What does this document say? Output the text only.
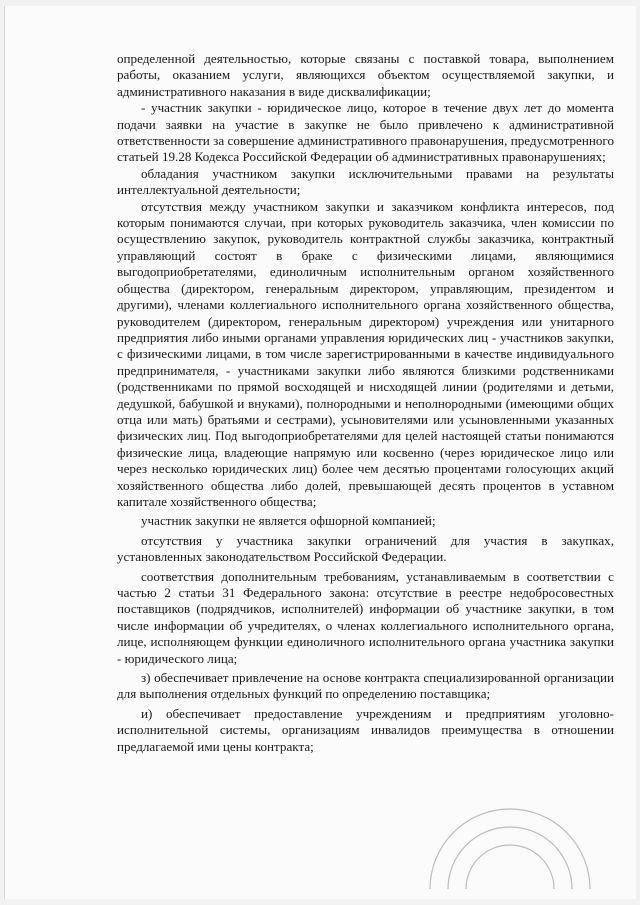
определенной деятельностью, которые связаны с поставкой товара, выполнением работы, оказанием услуги, являющихся объектом осуществляемой закупки, и административного наказания в виде дисквалификации;

- участник закупки - юридическое лицо, которое в течение двух лет до момента подачи заявки на участие в закупке не было привлечено к административной ответственности за совершение административного правонарушения, предусмотренного статьей 19.28 Кодекса Российской Федерации об административных правонарушениях;

обладания участником закупки исключительными правами на результаты интеллектуальной деятельности;

отсутствия между участником закупки и заказчиком конфликта интересов, под которым понимаются случаи, при которых руководитель заказчика, член комиссии по осуществлению закупок, руководитель контрактной службы заказчика, контрактный управляющий состоят в браке с физическими лицами, являющимися выгодоприобретателями, единоличным исполнительным органом хозяйственного общества (директором, генеральным директором, управляющим, президентом и другими), членами коллегиального исполнительного органа хозяйственного общества, руководителем (директором, генеральным директором) учреждения или унитарного предприятия либо иными органами управления юридических лиц - участников закупки, с физическими лицами, в том числе зарегистрированными в качестве индивидуального предпринимателя, - участниками закупки либо являются близкими родственниками (родственниками по прямой восходящей и нисходящей линии (родителями и детьми, дедушкой, бабушкой и внуками), полнородными и неполнородными (имеющими общих отца или мать) братьями и сестрами), усыновителями или усыновленными указанных физических лиц. Под выгодоприобретателями для целей настоящей статьи понимаются физические лица, владеющие напрямую или косвенно (через юридическое лицо или через несколько юридических лиц) более чем десятью процентами голосующих акций хозяйственного общества либо долей, превышающей десять процентов в уставном капитале хозяйственного общества;

участник закупки не является офшорной компанией;

отсутствия у участника закупки ограничений для участия в закупках, установленных законодательством Российской Федерации.

соответствия дополнительным требованиям, устанавливаемым в соответствии с частью 2 статьи 31 Федерального закона: отсутствие в реестре недобросовестных поставщиков (подрядчиков, исполнителей) информации об участнике закупки, в том числе информации об учредителях, о членах коллегиального исполнительного органа, лице, исполняющем функции единоличного исполнительного органа участника закупки - юридического лица;

з) обеспечивает привлечение на основе контракта специализированной организации для выполнения отдельных функций по определению поставщика;

и) обеспечивает предоставление учреждениям и предприятиям уголовно-исполнительной системы, организациям инвалидов преимущества в отношении предлагаемой ими цены контракта;
